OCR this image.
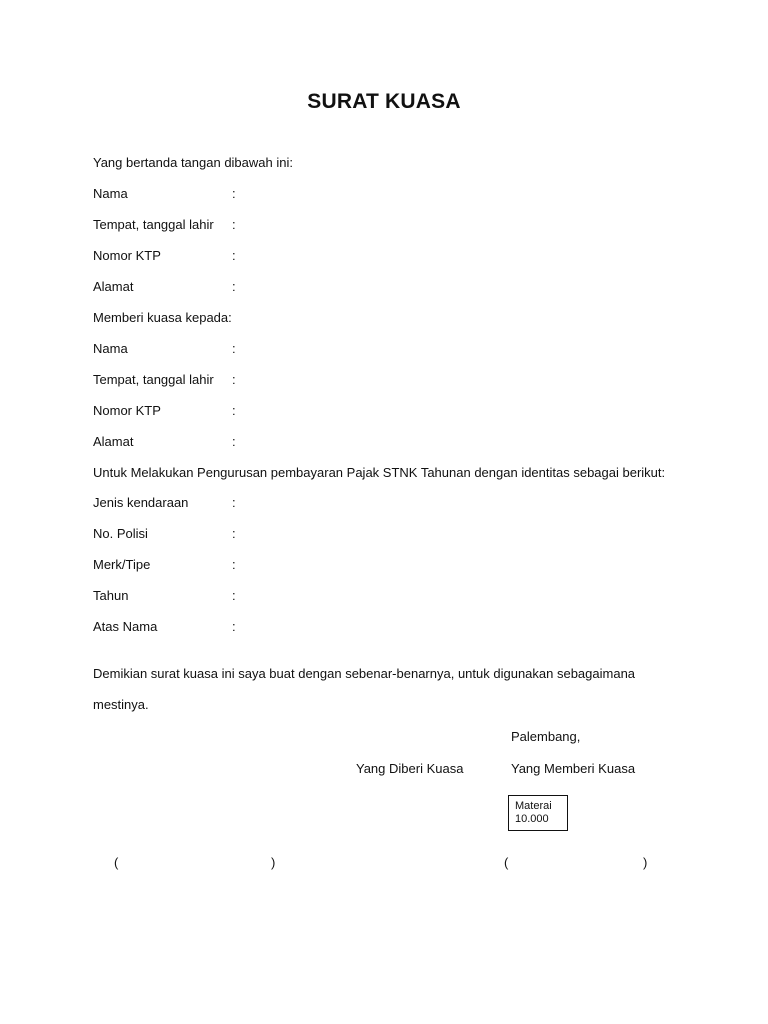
SURAT KUASA
Yang bertanda tangan dibawah ini:
Nama	:
Tempat, tanggal lahir :
Nomor KTP	:
Alamat	:
Memberi kuasa kepada:
Nama	:
Tempat, tanggal lahir :
Nomor KTP	:
Alamat	:
Untuk Melakukan Pengurusan pembayaran Pajak STNK Tahunan dengan identitas sebagai berikut:
Jenis kendaraan	:
No. Polisi	:
Merk/Tipe	:
Tahun	:
Atas Nama	:
Demikian surat kuasa ini saya buat dengan sebenar-benarnya, untuk digunakan sebagaimana
mestinya.
Palembang,
Yang Diberi Kuasa	Yang Memberi Kuasa
Materai
10.000
(	)	(	)
